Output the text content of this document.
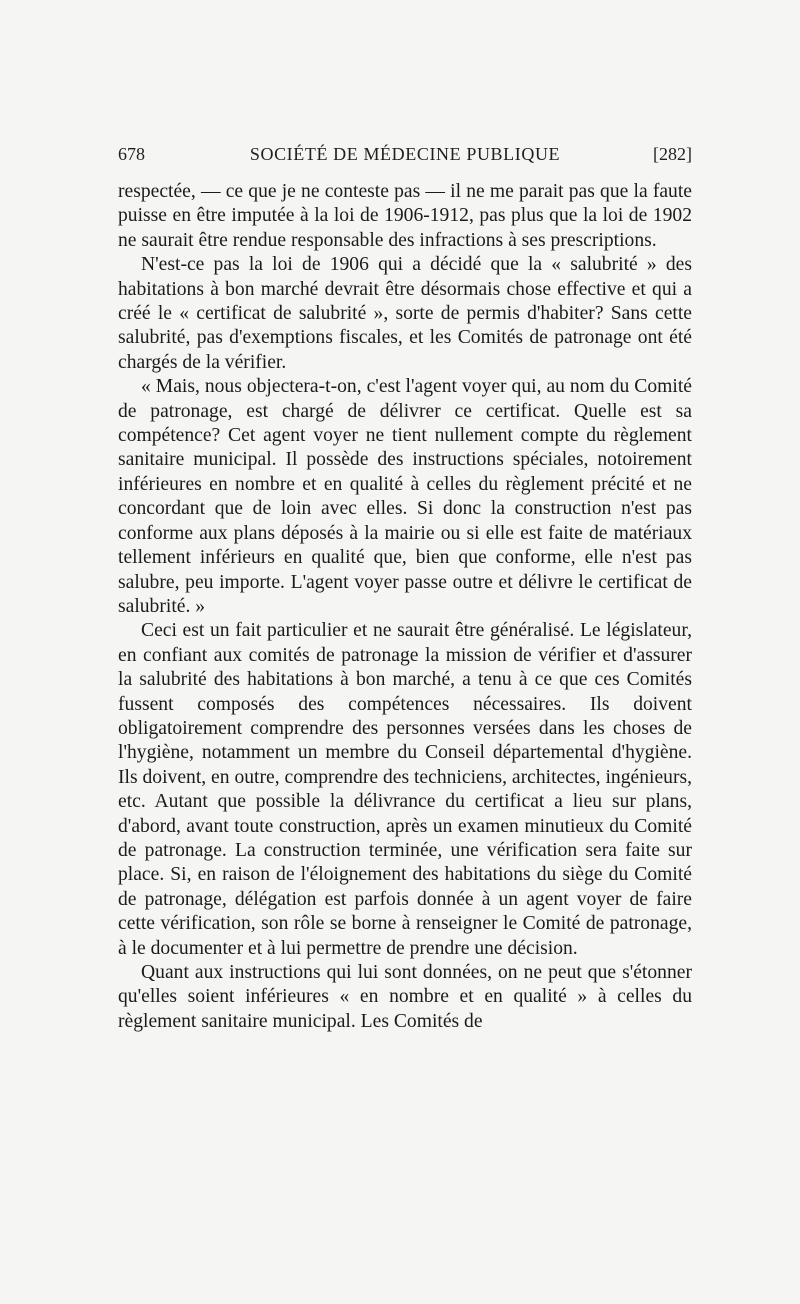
678	SOCIÉTÉ DE MÉDECINE PUBLIQUE	[282]

respectée, — ce que je ne conteste pas — il ne me parait pas que la faute puisse en être imputée à la loi de 1906-1912, pas plus que la loi de 1902 ne saurait être rendue responsable des infractions à ses prescriptions.

N'est-ce pas la loi de 1906 qui a décidé que la « salubrité » des habitations à bon marché devrait être désormais chose effective et qui a créé le « certificat de salubrité », sorte de permis d'habiter? Sans cette salubrité, pas d'exemptions fiscales, et les Comités de patronage ont été chargés de la vérifier.

« Mais, nous objectera-t-on, c'est l'agent voyer qui, au nom du Comité de patronage, est chargé de délivrer ce certificat. Quelle est sa compétence? Cet agent voyer ne tient nullement compte du règlement sanitaire municipal. Il possède des instructions spéciales, notoirement inférieures en nombre et en qualité à celles du règlement précité et ne concordant que de loin avec elles. Si donc la construction n'est pas conforme aux plans déposés à la mairie ou si elle est faite de matériaux tellement inférieurs en qualité que, bien que conforme, elle n'est pas salubre, peu importe. L'agent voyer passe outre et délivre le certificat de salubrité. »

Ceci est un fait particulier et ne saurait être généralisé. Le législateur, en confiant aux comités de patronage la mission de vérifier et d'assurer la salubrité des habitations à bon marché, a tenu à ce que ces Comités fussent composés des compétences nécessaires. Ils doivent obligatoirement comprendre des personnes versées dans les choses de l'hygiène, notamment un membre du Conseil départemental d'hygiène. Ils doivent, en outre, comprendre des techniciens, architectes, ingénieurs, etc. Autant que possible la délivrance du certificat a lieu sur plans, d'abord, avant toute construction, après un examen minutieux du Comité de patronage. La construction terminée, une vérification sera faite sur place. Si, en raison de l'éloignement des habitations du siège du Comité de patronage, délégation est parfois donnée à un agent voyer de faire cette vérification, son rôle se borne à renseigner le Comité de patronage, à le documenter et à lui permettre de prendre une décision.

Quant aux instructions qui lui sont données, on ne peut que s'étonner qu'elles soient inférieures « en nombre et en qualité » à celles du règlement sanitaire municipal. Les Comités de
